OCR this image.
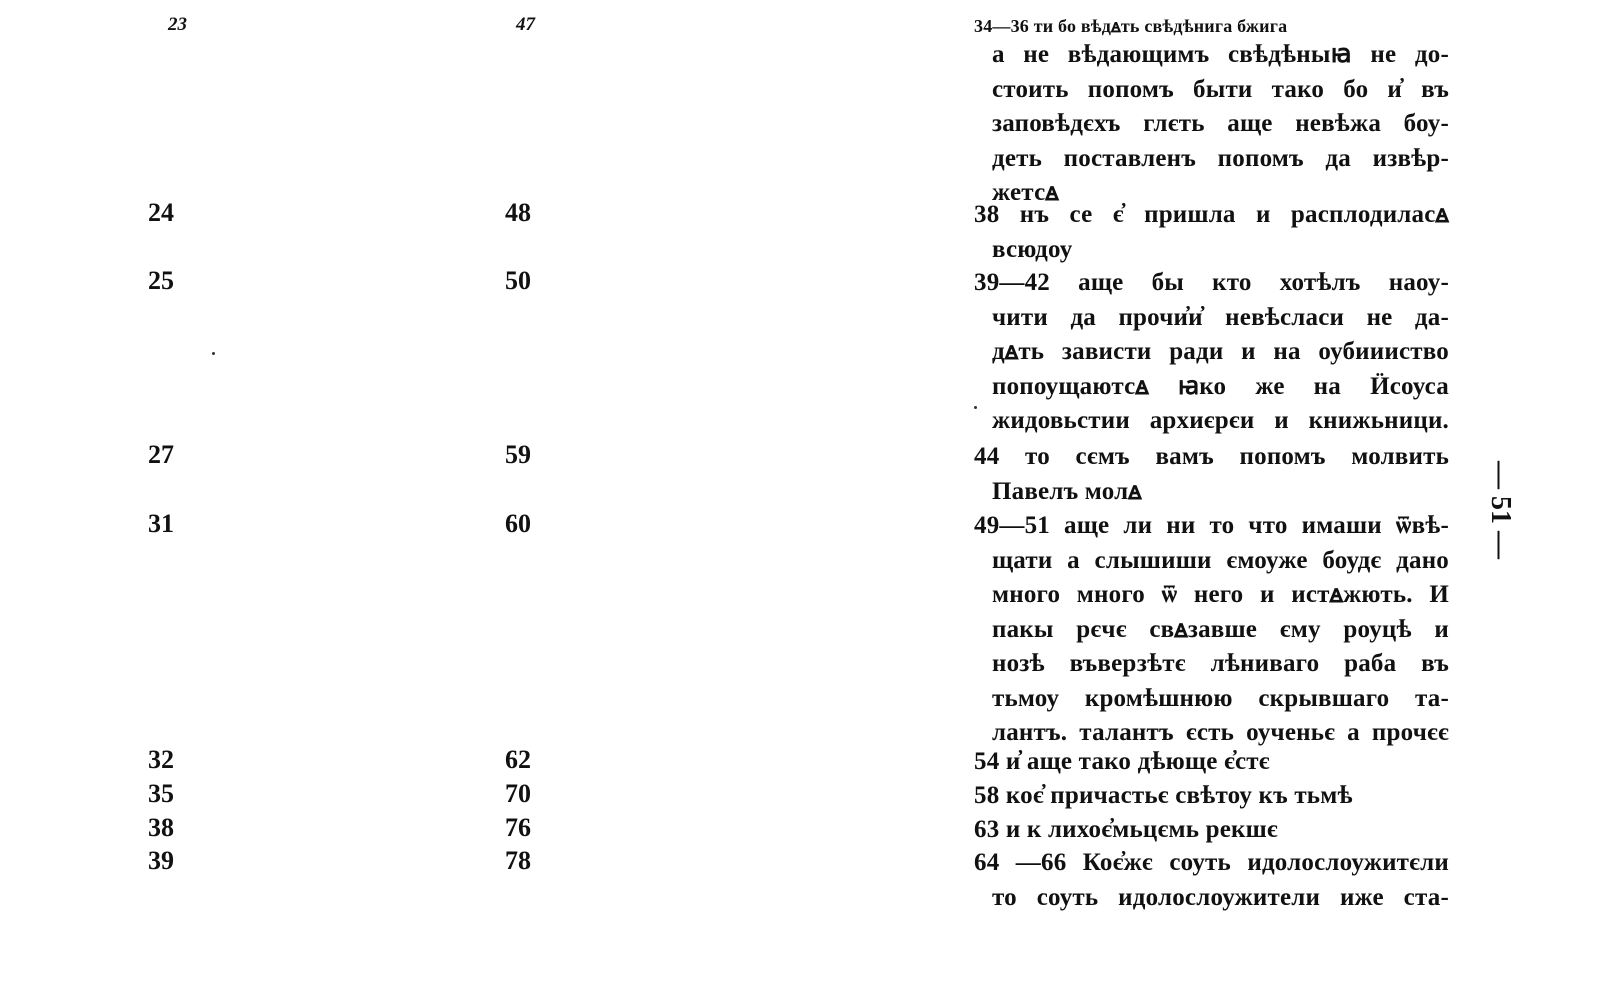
23	47	34—36 ти бо вѣдꙙть свѣдѣнига бжига
а не вѣдающимъ свѣдѣныꙗ не до-
стоить попомъ быти тако бо и҆ въ
заповѣдєхъ глєть аще невѣжа боу-
деть поставленъ попомъ да извѣр-
жетсꙙ
24	48	38 нъ се є҆ пришла и расплодиласꙙ
всюдоу
25	50	39—42 аще бы кто хотѣлъ наоу-
чити да прочи҆и҆ невѣсласи не да-
дꙙть зависти ради и на оубиииство
попоущаютсꙙ ꙗко же на Ӥсоуса
жидовьстии архиєрєи и книжьници.
27	59	44 то сємъ вамъ попомъ молвить
Павелъ молꙙ
31	60	49—51 аще ли ни то что имаши ѿвѣ-
щати а слышиши ємоуже боудє дано
много много ѿ него и истꙙжють. И
пакы рєчє свꙙзавше єму роуцѣ и
нозѣ въверзѣтє лѣниваго раба въ
тьмоу кромѣшнюю скрывшаго та-
лантъ. талантъ єсть оученьє а прочєє
32	62	54 и҆ аще тако дѣюще є҆стє
35	70	58 коє҆ причастьє свѣтоу къ тьмѣ
38	76	63 и к лихоє҆мьцємь рекшє
39	78	64 —66 Коє҆жє соуть идолослоужитєли
то соуть идолослоужители иже ста-
— 51 —
